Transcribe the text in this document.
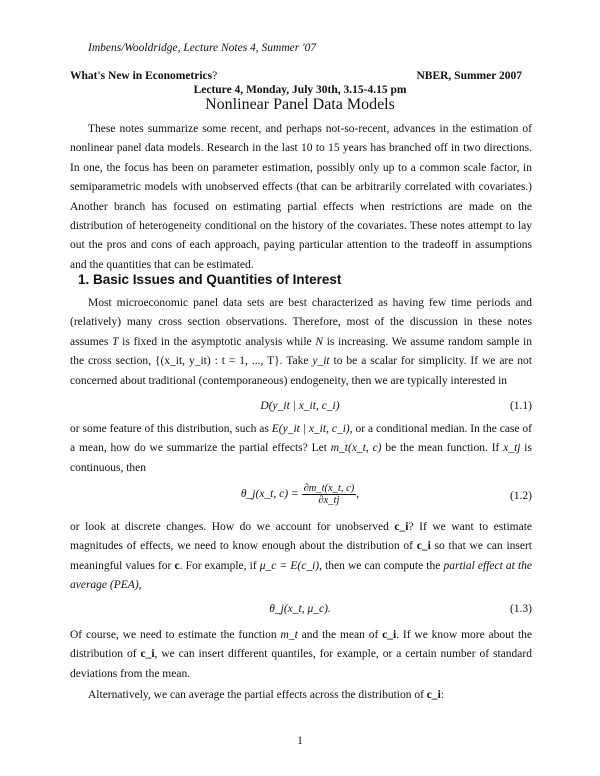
Imbens/Wooldridge, Lecture Notes 4, Summer '07
What's New in Econometrics?	NBER, Summer 2007
Lecture 4, Monday, July 30th, 3.15-4.15 pm
Nonlinear Panel Data Models

These notes summarize some recent, and perhaps not-so-recent, advances in the estimation of nonlinear panel data models. Research in the last 10 to 15 years has branched off in two directions. In one, the focus has been on parameter estimation, possibly only up to a common scale factor, in semiparametric models with unobserved effects (that can be arbitrarily correlated with covariates.) Another branch has focused on estimating partial effects when restrictions are made on the distribution of heterogeneity conditional on the history of the covariates. These notes attempt to lay out the pros and cons of each approach, paying particular attention to the tradeoff in assumptions and the quantities that can be estimated.

1. Basic Issues and Quantities of Interest

Most microeconomic panel data sets are best characterized as having few time periods and (relatively) many cross section observations. Therefore, most of the discussion in these notes assumes T is fixed in the asymptotic analysis while N is increasing. We assume random sample in the cross section, {(x_it, y_it) : t = 1, ..., T}. Take y_it to be a scalar for simplicity. If we are not concerned about traditional (contemporaneous) endogeneity, then we are typically interested in

D(y_it | x_it, c_i)	(1.1)

or some feature of this distribution, such as E(y_it | x_it, c_i), or a conditional median. In the case of a mean, how do we summarize the partial effects? Let m_t(x_t, c) be the mean function. If x_tj is continuous, then

θ_j(x_t, $c) = \frac{\partial m\_t(x\_t, c)}{\partial x\_tj}$ ,	(1.2)

or look at discrete changes. How do we account for unobserved c_i? If we want to estimate magnitudes of effects, we need to know enough about the distribution of c_i so that we can insert meaningful values for c. For example, if μ_c = E(c_i), then we can compute the partial effect at the average (PEA),

θ_j(x_t, μ_c).	(1.3)

Of course, we need to estimate the function m_t and the mean of c_i. If we know more about the distribution of c_i, we can insert different quantiles, for example, or a certain number of standard deviations from the mean.

Alternatively, we can average the partial effects across the distribution of c_i:

1
